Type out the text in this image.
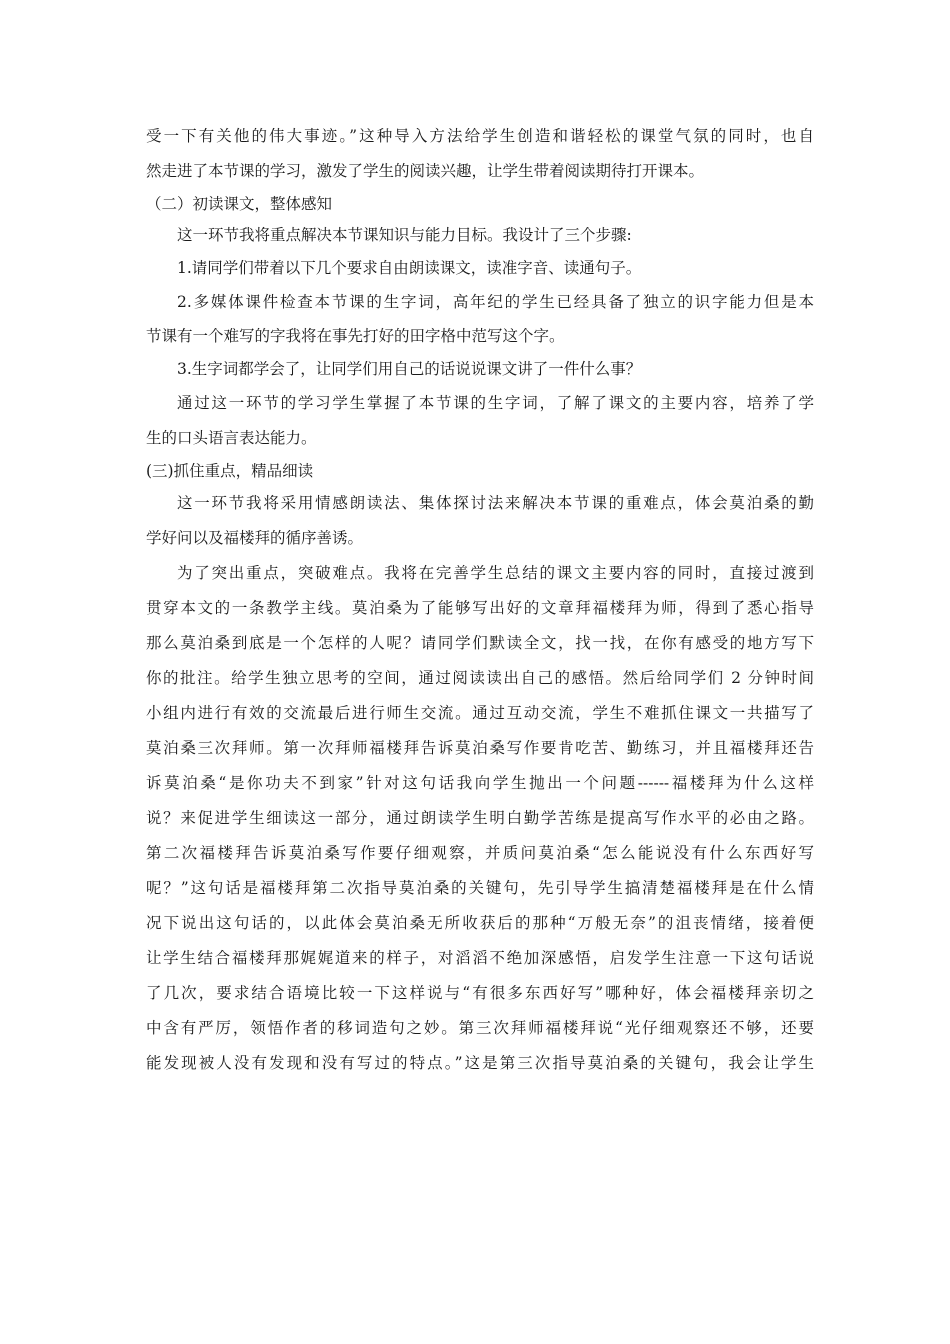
受一下有关他的伟大事迹。”这种导入方法给学生创造和谐轻松的课堂气氛的同时，也自
然走进了本节课的学习，激发了学生的阅读兴趣，让学生带着阅读期待打开课本。
（二）初读课文，整体感知
这一环节我将重点解决本节课知识与能力目标。我设计了三个步骤:
1.请同学们带着以下几个要求自由朗读课文，读准字音、读通句子。
2.多媒体课件检查本节课的生字词，高年纪的学生已经具备了独立的识字能力但是本
节课有一个难写的字我将在事先打好的田字格中范写这个字。
3.生字词都学会了，让同学们用自己的话说说课文讲了一件什么事？
通过这一环节的学习学生掌握了本节课的生字词，了解了课文的主要内容，培养了学
生的口头语言表达能力。
(三)抓住重点，精品细读
这一环节我将采用情感朗读法、集体探讨法来解决本节课的重难点，体会莫泊桑的勤
学好问以及福楼拜的循序善诱。
为了突出重点，突破难点。我将在完善学生总结的课文主要内容的同时，直接过渡到
贯穿本文的一条教学主线。莫泊桑为了能够写出好的文章拜福楼拜为师，得到了悉心指导
那么莫泊桑到底是一个怎样的人呢？请同学们默读全文，找一找，在你有感受的地方写下
你的批注。给学生独立思考的空间，通过阅读读出自己的感悟。然后给同学们 2 分钟时间
小组内进行有效的交流最后进行师生交流。通过互动交流，学生不难抓住课文一共描写了
莫泊桑三次拜师。第一次拜师福楼拜告诉莫泊桑写作要肯吃苦、勤练习，并且福楼拜还告
诉莫泊桑“是你功夫不到家”针对这句话我向学生抛出一个问题------福楼拜为什么这样
说？来促进学生细读这一部分，通过朗读学生明白勤学苦练是提高写作水平的必由之路。
第二次福楼拜告诉莫泊桑写作要仔细观察，并质问莫泊桑“怎么能说没有什么东西好写
呢？”这句话是福楼拜第二次指导莫泊桑的关键句，先引导学生搞清楚福楼拜是在什么情
况下说出这句话的，以此体会莫泊桑无所收获后的那种“万般无奈”的沮丧情绪，接着便
让学生结合福楼拜那娓娓道来的样子，对滔滔不绝加深感悟，启发学生注意一下这句话说
了几次，要求结合语境比较一下这样说与“有很多东西好写”哪种好，体会福楼拜亲切之
中含有严厉，领悟作者的移词造句之妙。第三次拜师福楼拜说“光仔细观察还不够，还要
能发现被人没有发现和没有写过的特点。”这是第三次指导莫泊桑的关键句，我会让学生
